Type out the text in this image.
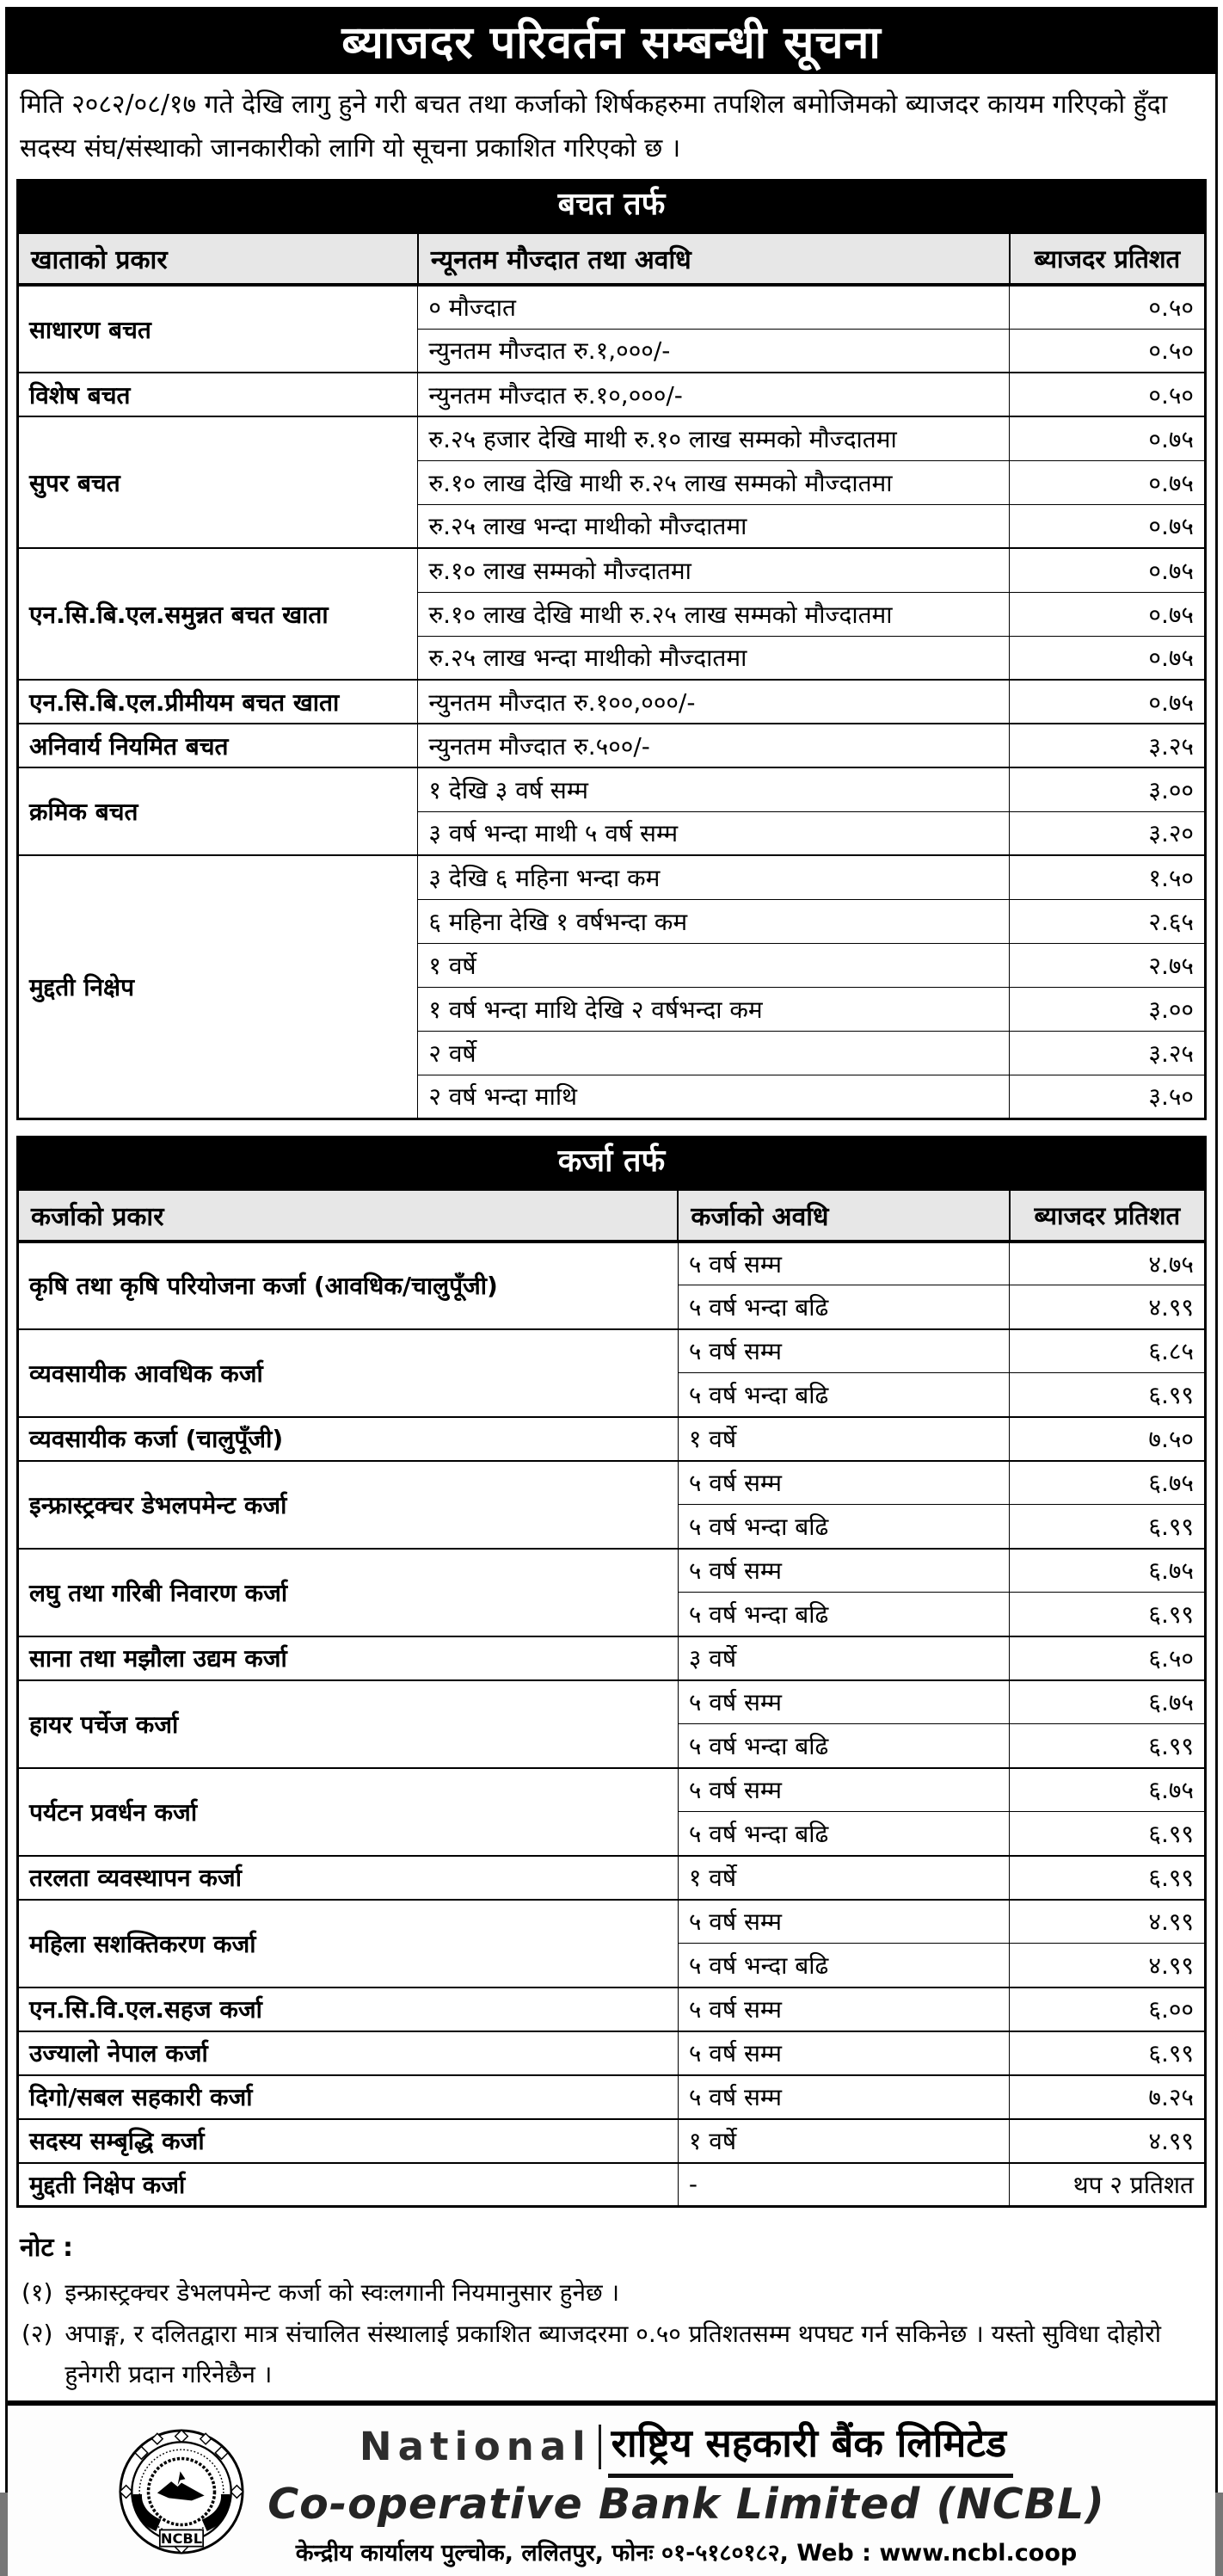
ब्याजदर परिवर्तन सम्बन्धी सूचना

मिति २०८२/०८/१७ गते देखि लागु हुने गरी बचत तथा कर्जाको शिर्षकहरुमा तपशिल बमोजिमको ब्याजदर कायम गरिएको हुँदा सदस्य संघ/संस्थाको जानकारीको लागि यो सूचना प्रकाशित गरिएको छ ।

बचत तर्फ
खाताको प्रकार	न्यूनतम मौज्दात तथा अवधि	ब्याजदर प्रतिशत
साधारण बचत	० मौज्दात	०.५०
	न्युनतम मौज्दात रु.१,०००/-	०.५०
विशेष बचत	न्युनतम मौज्दात रु.१०,०००/-	०.५०
सुपर बचत	रु.२५ हजार देखि माथी रु.१० लाख सम्मको मौज्दातमा	०.७५
	रु.१० लाख देखि माथी रु.२५ लाख सम्मको मौज्दातमा	०.७५
	रु.२५ लाख भन्दा माथीको मौज्दातमा	०.७५
एन.सि.बि.एल.समुन्नत बचत खाता	रु.१० लाख सम्मको मौज्दातमा	०.७५
	रु.१० लाख देखि माथी रु.२५ लाख सम्मको मौज्दातमा	०.७५
	रु.२५ लाख भन्दा माथीको मौज्दातमा	०.७५
एन.सि.बि.एल.प्रीमीयम बचत खाता	न्युनतम मौज्दात रु.१००,०००/-	०.७५
अनिवार्य नियमित बचत	न्युनतम मौज्दात रु.५००/-	३.२५
क्रमिक बचत	१ देखि ३ वर्ष सम्म	३.००
	३ वर्ष भन्दा माथी ५ वर्ष सम्म	३.२०
मुद्दती निक्षेप	३ देखि ६ महिना भन्दा कम	१.५०
	६ महिना देखि १ वर्षभन्दा कम	२.६५
	१ वर्षे	२.७५
	१ वर्ष भन्दा माथि देखि २ वर्षभन्दा कम	३.००
	२ वर्षे	३.२५
	२ वर्ष भन्दा माथि	३.५०
कर्जा तर्फ
कर्जाको प्रकार	कर्जाको अवधि	ब्याजदर प्रतिशत
कृषि तथा कृषि परियोजना कर्जा (आवधिक/चालुपूँजी)	५ वर्ष सम्म	४.७५
	५ वर्ष भन्दा बढि	४.९९
व्यवसायीक आवधिक कर्जा	५ वर्ष सम्म	६.८५
	५ वर्ष भन्दा बढि	६.९९
व्यवसायीक कर्जा (चालुपूँजी)	१ वर्षे	७.५०
इन्फ्रास्ट्रक्चर डेभलपमेन्ट कर्जा	५ वर्ष सम्म	६.७५
	५ वर्ष भन्दा बढि	६.९९
लघु तथा गरिबी निवारण कर्जा	५ वर्ष सम्म	६.७५
	५ वर्ष भन्दा बढि	६.९९
साना तथा मझौला उद्यम कर्जा	३ वर्षे	६.५०
हायर पर्चेज कर्जा	५ वर्ष सम्म	६.७५
	५ वर्ष भन्दा बढि	६.९९
पर्यटन प्रवर्धन कर्जा	५ वर्ष सम्म	६.७५
	५ वर्ष भन्दा बढि	६.९९
तरलता व्यवस्थापन कर्जा	१ वर्षे	६.९९
महिला सशक्तिकरण कर्जा	५ वर्ष सम्म	४.९९
	५ वर्ष भन्दा बढि	४.९९
एन.सि.वि.एल.सहज कर्जा	५ वर्ष सम्म	६.००
उज्यालो नेपाल कर्जा	५ वर्ष सम्म	६.९९
दिगो/सबल सहकारी कर्जा	५ वर्ष सम्म	७.२५
सदस्य सम्बृद्धि कर्जा	१ वर्षे	४.९९
मुद्दती निक्षेप कर्जा	-	थप २ प्रतिशत
नोट :
(१) इन्फ्रास्ट्रक्चर डेभलपमेन्ट कर्जा को स्वःलगानी नियमानुसार हुनेछ ।
(२) अपाङ्ग, र दलितद्वारा मात्र संचालित संस्थालाई प्रकाशित ब्याजदरमा ०.५० प्रतिशतसम्म थपघट गर्न सकिनेछ । यस्तो सुविधा दोहोरो हुनेगरी प्रदान गरिनेछैन ।
NCBL
National राष्ट्रिय सहकारी बैंक लिमिटेड
Co-operative Bank Limited (NCBL)
केन्द्रीय कार्यालय पुल्चोक, ललितपुर, फोनः ०१-५१८०१८२, Web : www.ncbl.coop
